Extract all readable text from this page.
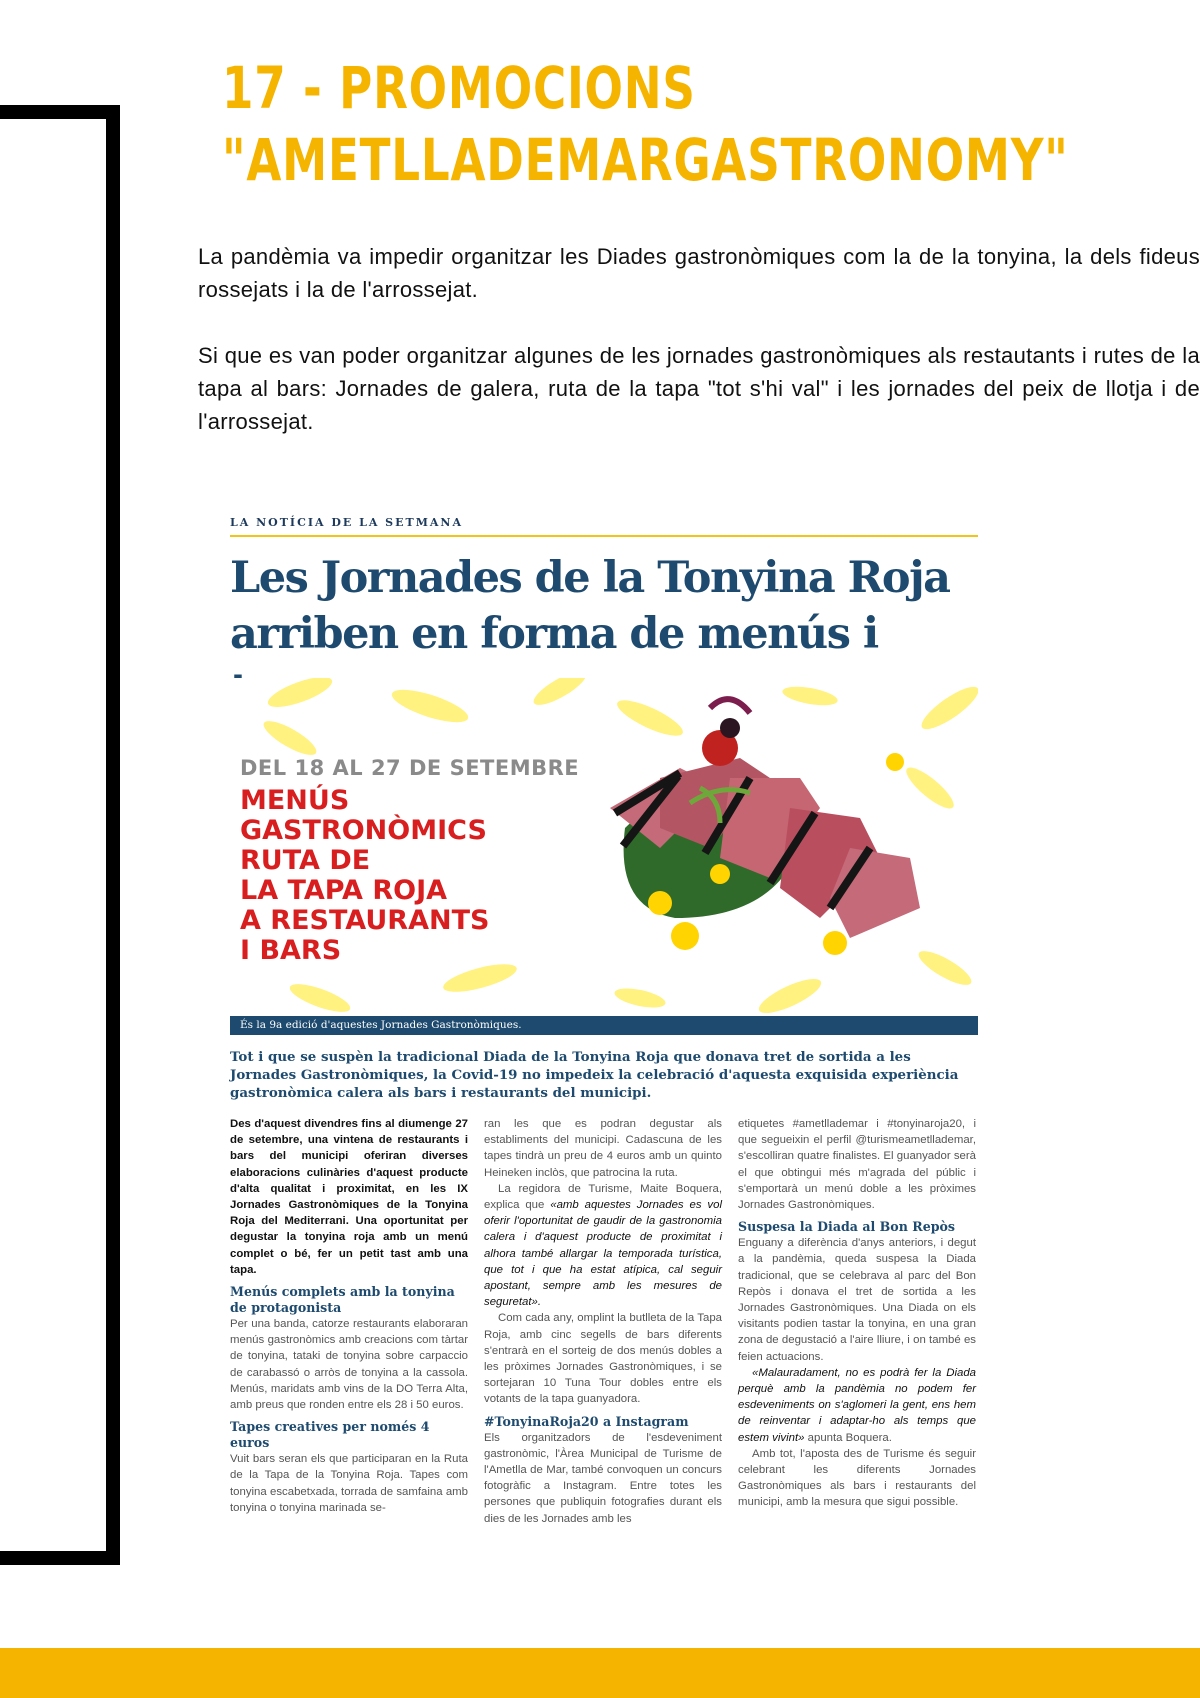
17 - PROMOCIONS
"AMETLLADEMARGASTRONOMY"

La pandèmia va impedir organitzar les Diades gastronòmiques com la de la tonyina, la dels fideus rossejats i la de l'arrossejat.

Si que es van poder organitzar algunes de les jornades gastronòmiques als restautants i rutes de la tapa al bars: Jornades de galera, ruta de la tapa "tot s'hi val" i les jornades del peix de llotja i de l'arrossejat.

LA NOTÍCIA DE LA SETMANA
Les Jornades de la Tonyina Roja
arriben en forma de menús i
DEL 18 AL 27 DE SETEMBRE
MENÚS
GASTRONÒMICS
RUTA DE
LA TAPA ROJA
A RESTAURANTS
I BARS
És la 9a edició d'aquestes Jornades Gastronòmiques.

Tot i que se suspèn la tradicional Diada de la Tonyina Roja que donava tret de sortida a les Jornades Gastronòmiques, la Covid-19 no impedeix la celebració d'aquesta exquisida experiència gastronòmica calera als bars i restaurants del municipi.

Des d'aquest divendres fins al diumenge 27 de setembre, una vintena de restaurants i bars del municipi oferiran diverses elaboracions culinàries d'aquest producte d'alta qualitat i proximitat, en les IX Jornades Gastronòmiques de la Tonyina Roja del Mediterrani. Una oportunitat per degustar la tonyina roja amb un menú complet o bé, fer un petit tast amb una tapa.

Menús complets amb la tonyina de protagonista

Per una banda, catorze restaurants elaboraran menús gastronòmics amb creacions com tàrtar de tonyina, tataki de tonyina sobre carpaccio de carabassó o arròs de tonyina a la cassola. Menús, maridats amb vins de la DO Terra Alta, amb preus que ronden entre els 28 i 50 euros.

Tapes creatives per només 4 euros

Vuit bars seran els que participaran en la Ruta de la Tapa de la Tonyina Roja. Tapes com tonyina escabetxada, torrada de samfaina amb tonyina o tonyina marinada se-

ran les que es podran degustar als establiments del municipi. Cadascuna de les tapes tindrà un preu de 4 euros amb un quinto Heineken inclòs, que patrocina la ruta.

La regidora de Turisme, Maite Boquera, explica que «amb aquestes Jornades es vol oferir l'oportunitat de gaudir de la gastronomia calera i d'aquest producte de proximitat i alhora també allargar la temporada turística, que tot i que ha estat atípica, cal seguir apostant, sempre amb les mesures de seguretat».

Com cada any, omplint la butlleta de la Tapa Roja, amb cinc segells de bars diferents s'entrarà en el sorteig de dos menús dobles a les pròximes Jornades Gastronòmiques, i se sortejaran 10 Tuna Tour dobles entre els votants de la tapa guanyadora.

#TonyinaRoja20 a Instagram

Els organitzadors de l'esdeveniment gastronòmic, l'Àrea Municipal de Turisme de l'Ametlla de Mar, també convoquen un concurs fotogràfic a Instagram. Entre totes les persones que publiquin fotografies durant els dies de les Jornades amb les

etiquetes #ametllademar i #tonyinaroja20, i que segueixin el perfil @turismeametllademar, s'escolliran quatre finalistes. El guanyador serà el que obtingui més m'agrada del públic i s'emportarà un menú doble a les pròximes Jornades Gastronòmiques.

Suspesa la Diada al Bon Repòs

Enguany a diferència d'anys anteriors, i degut a la pandèmia, queda suspesa la Diada tradicional, que se celebrava al parc del Bon Repòs i donava el tret de sortida a les Jornades Gastronòmiques. Una Diada on els visitants podien tastar la tonyina, en una gran zona de degustació a l'aire lliure, i on també es feien actuacions.

«Malauradament, no es podrà fer la Diada perquè amb la pandèmia no podem fer esdeveniments on s'aglomeri la gent, ens hem de reinventar i adaptar-ho als temps que estem vivint» apunta Boquera.

Amb tot, l'aposta des de Turisme és seguir celebrant les diferents Jornades Gastronòmiques als bars i restaurants del municipi, amb la mesura que sigui possible.
